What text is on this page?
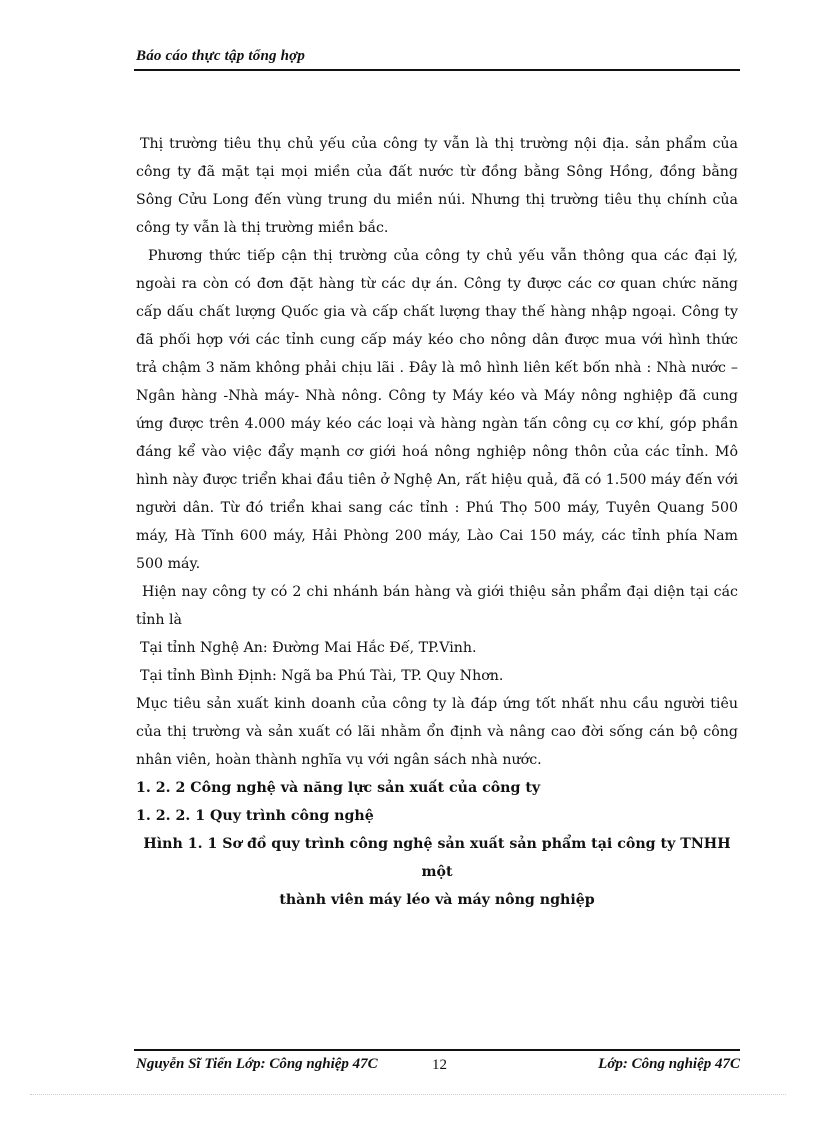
Báo cáo thực tập tổng hợp

Thị trường tiêu thụ chủ yếu của công ty vẫn là thị trường nội địa. sản phẩm của công ty đã mặt tại mọi miền của đất nước từ đồng bằng Sông Hồng, đồng bằng Sông Cửu Long đến vùng trung du miền núi. Nhưng thị trường tiêu thụ chính của công ty vẫn là thị trường miền bắc.

Phương thức tiếp cận thị trường của công ty chủ yếu vẫn thông qua các đại lý, ngoài ra còn có đơn đặt hàng từ các dự án. Công ty được các cơ quan chức năng cấp dấu chất lượng Quốc gia và cấp chất lượng thay thế hàng nhập ngoại. Công ty đã phối hợp với các tỉnh cung cấp máy kéo cho nông dân được mua với hình thức trả chậm 3 năm không phải chịu lãi . Đây là mô hình liên kết bốn nhà : Nhà nước – Ngân hàng -Nhà máy- Nhà nông. Công ty Máy kéo và Máy nông nghiệp đã cung ứng được trên 4.000 máy kéo các loại và hàng ngàn tấn công cụ cơ khí, góp phần đáng kể vào việc đẩy mạnh cơ giới hoá nông nghiệp nông thôn của các tỉnh. Mô hình này được triển khai đầu tiên ở Nghệ An, rất hiệu quả, đã có 1.500 máy đến với người dân. Từ đó triển khai sang các tỉnh : Phú Thọ 500 máy, Tuyên Quang 500 máy, Hà Tĩnh 600 máy, Hải Phòng 200 máy, Lào Cai 150 máy, các tỉnh phía Nam 500 máy.

Hiện nay công ty có 2 chi nhánh bán hàng và giới thiệu sản phẩm đại diện tại các tỉnh là

Tại tỉnh Nghệ An: Đường Mai Hắc Đế, TP.Vinh.

Tại tỉnh Bình Định: Ngã ba Phú Tài, TP. Quy Nhơn.

Mục tiêu sản xuất kinh doanh của công ty là đáp ứng tốt nhất nhu cầu người tiêu của thị trường và sản xuất có lãi nhằm ổn định và nâng cao đời sống cán bộ công nhân viên, hoàn thành nghĩa vụ với ngân sách nhà nước.

1. 2. 2 Công nghệ và năng lực sản xuất của công ty

1. 2. 2. 1 Quy trình công nghệ

Hình 1. 1 Sơ đồ quy trình công nghệ sản xuất sản phẩm tại công ty TNHH một

thành viên máy léo và máy nông nghiệp

Nguyễn Sĩ Tiến Lớp: Công nghiệp 47C	12	Lớp: Công nghiệp 47C
